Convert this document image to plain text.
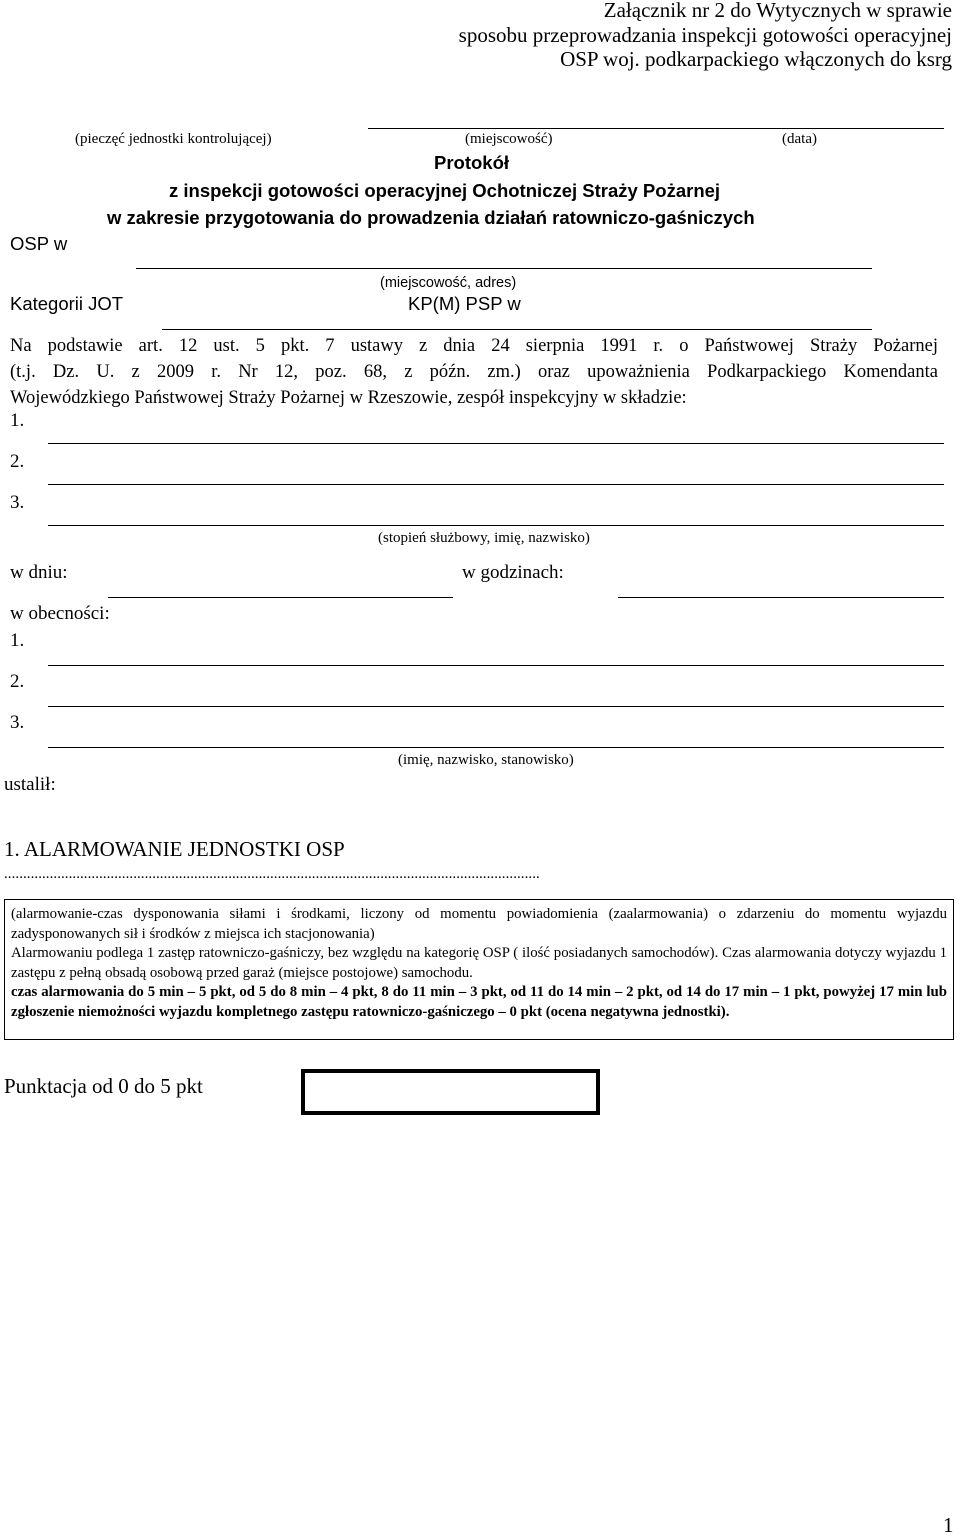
Załącznik nr 2 do Wytycznych w sprawie
sposobu przeprowadzania inspekcji gotowości operacyjnej
OSP woj. podkarpackiego włączonych do ksrg
(pieczęć jednostki kontrolującej)	(miejscowość)	(data)
Protokół
z inspekcji gotowości operacyjnej Ochotniczej Straży Pożarnej
w zakresie przygotowania do prowadzenia działań ratowniczo-gaśniczych
OSP w
(miejscowość, adres)
Kategorii JOT	KP(M) PSP w
Na podstawie art. 12 ust. 5 pkt. 7 ustawy z dnia 24 sierpnia 1991 r. o Państwowej Straży Pożarnej
(t.j. Dz. U. z 2009 r. Nr 12, poz. 68, z późn. zm.) oraz upoważnienia Podkarpackiego Komendanta
Wojewódzkiego Państwowej Straży Pożarnej w Rzeszowie, zespół inspekcyjny w składzie:
1.
2.
3.
(stopień służbowy, imię, nazwisko)
w dniu:	w godzinach:
w obecności:
1.
2.
3.
(imię, nazwisko, stanowisko)
ustalił:
1. ALARMOWANIE JEDNOSTKI OSP
.............................................................................................................................................

(alarmowanie-czas dysponowania siłami i środkami, liczony od momentu powiadomienia (zaalarmowania) o zdarzeniu do momentu wyjazdu zadysponowanych sił i środków z miejsca ich stacjonowania)

Alarmowaniu podlega 1 zastęp ratowniczo-gaśniczy, bez względu na kategorię OSP ( ilość posiadanych samochodów). Czas alarmowania dotyczy wyjazdu 1 zastępu z pełną obsadą osobową przed garaż (miejsce postojowe) samochodu.

czas alarmowania do 5 min – 5 pkt, od 5 do 8 min – 4 pkt, 8 do 11 min – 3 pkt, od 11 do 14 min – 2 pkt, od 14 do 17 min – 1 pkt, powyżej 17 min lub zgłoszenie niemożności wyjazdu kompletnego zastępu ratowniczo-gaśniczego – 0 pkt (ocena negatywna jednostki).

Punktacja od 0 do 5 pkt
1
